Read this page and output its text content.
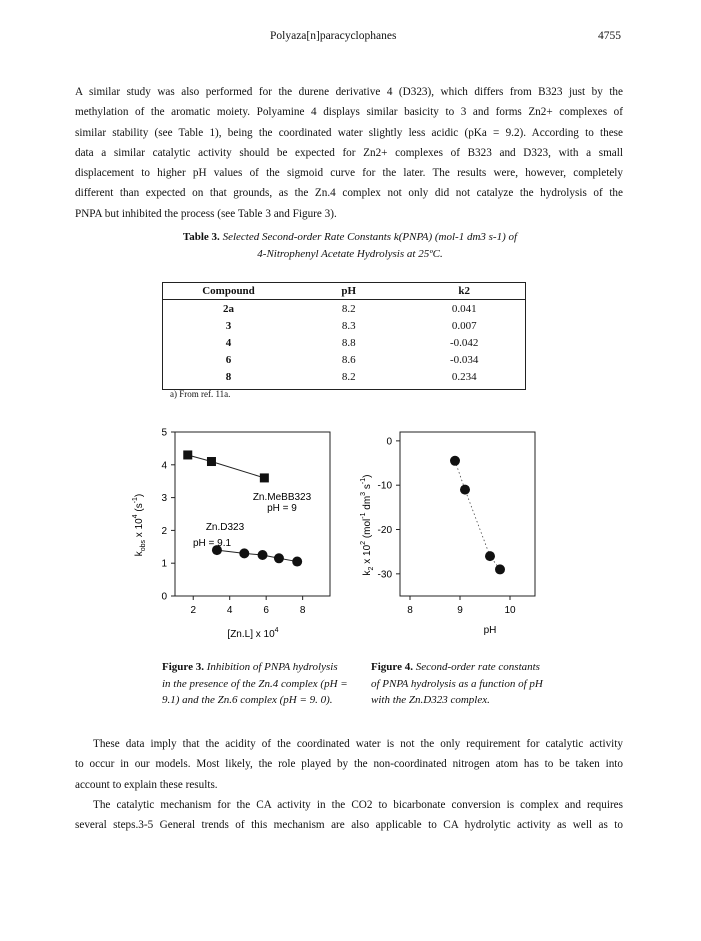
Polyaza[n]paracyclophanes	4755

A similar study was also performed for the durene derivative 4 (D323), which differs from B323 just by the

methylation of the aromatic moiety. Polyamine 4 displays similar basicity to 3 and forms Zn2+ complexes of

similar stability (see Table 1), being the coordinated water slightly less acidic (pKa = 9.2). According to these

data a similar catalytic activity should be expected for Zn2+ complexes of B323 and D323, with a small

displacement to higher pH values of the sigmoid curve for the later. The results were, however, completely

different than expected on that grounds, as the Zn.4 complex not only did not catalyze the hydrolysis of the

PNPA but inhibited the process (see Table 3 and Figure 3).

Table 3. Selected Second-order Rate Constants k(PNPA) (mol-1 dm3 s-1) of
4-Nitrophenyl Acetate Hydrolysis at 25ºC.
Compound	pH	k2
2a	8.2	0.041
3	8.3	0.007
4	8.8	-0.042
6	8.6	-0.034
8	8.2	0.234
a) From ref. 11a.
0
1
2
3
4
5
2	4	6	8
[Zn.L] x $10^4$
$k_{obs}$ x $10^4$ $(s^{-1})$	Zn.MeBB323
pH = 9
Zn.D323
pH = 9.1
0
-10
-20
-30
8	9	10
pH
$k_2$ x $10^2$ (mol$^{-1}$ $dm^3$ $s^{-1}$)
Figure 3. Inhibition of PNPA hydrolysis
in the presence of the Zn.4 complex (pH =
9.1) and the Zn.6 complex (pH = 9. 0).
Figure 4. Second-order rate constants
of PNPA hydrolysis as a function of pH
with the Zn.D323 complex.

These data imply that the acidity of the coordinated water is not the only requirement for catalytic activity

to occur in our models. Most likely, the role played by the non-coordinated nitrogen atom has to be taken into

account to explain these results.

The catalytic mechanism for the CA activity in the CO2 to bicarbonate conversion is complex and requires

several steps.3-5 General trends of this mechanism are also applicable to CA hydrolytic activity as well as to
